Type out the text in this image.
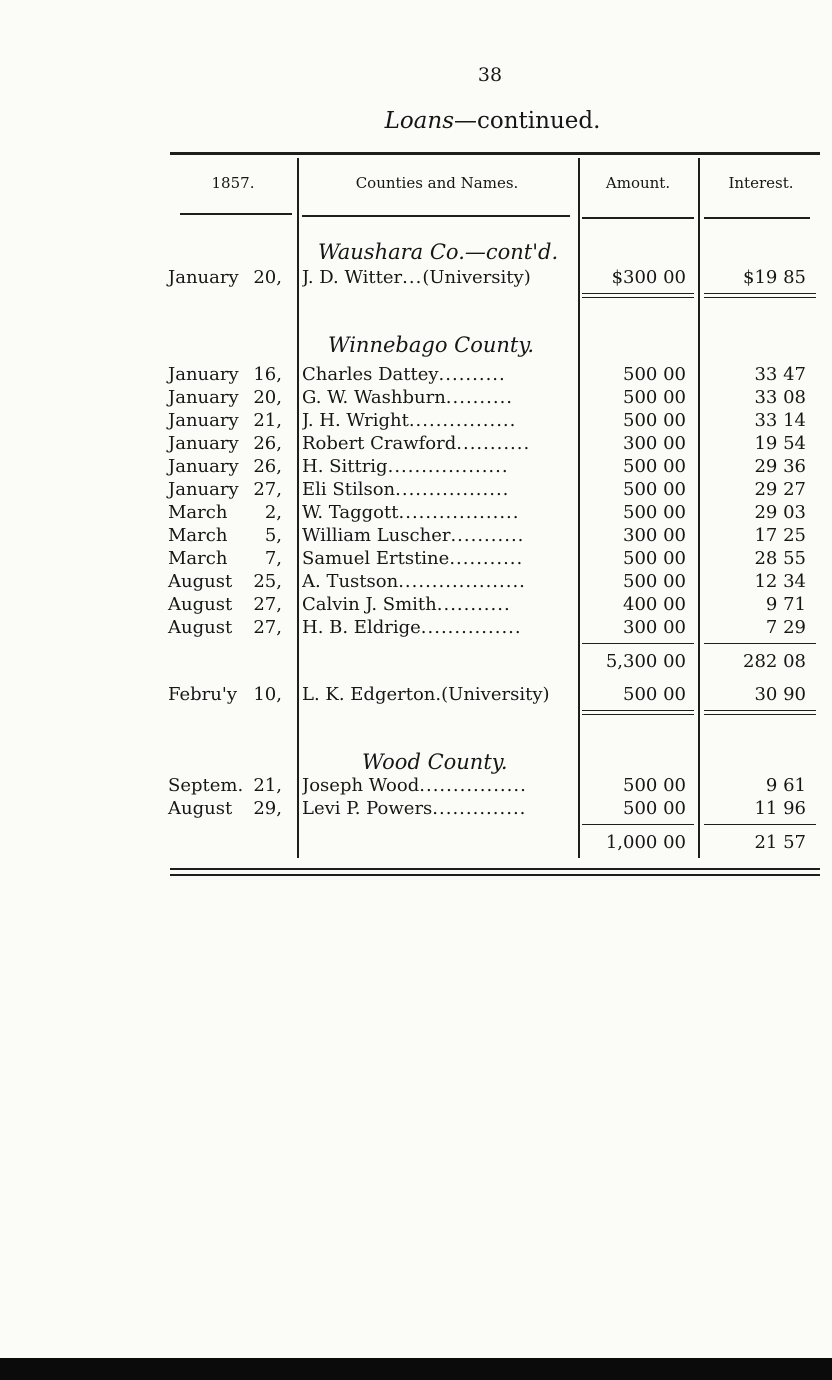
38
Loans—continued.
1857.	Counties and Names.	Amount.	Interest.
Waushara Co.—cont'd.
January 20, J. D. Witter...(University)	$300 00	$19 85
Winnebago County.
January 16, Charles Dattey..........	500 00	33 47
January 20, G. W. Washburn..........	500 00	33 08
January 21, J. H. Wright................	500 00	33 14
January 26, Robert Crawford...........	300 00	19 54
January 26, H. Sittrig..................	500 00	29 36
January 27, Eli Stilson.................	500 00	29 27
March	2, W. Taggott..................	500 00	29 03
March	5, William Luscher...........	300 00	17 25
March	7, Samuel Ertstine...........	500 00	28 55
August	25, A. Tustson...................	500 00	12 34
August	27, Calvin J. Smith...........	400 00	9 71
August	27, H. B. Eldrige...............	300 00	7 29
5,300 00	282 08
Febru'y 10, L. K. Edgerton.(University)	500 00	30 90
Wood County.
Septem. 21, Joseph Wood................	500 00	9 61
August	29, Levi P. Powers..............	500 00	11 96
1,000 00	21 57
